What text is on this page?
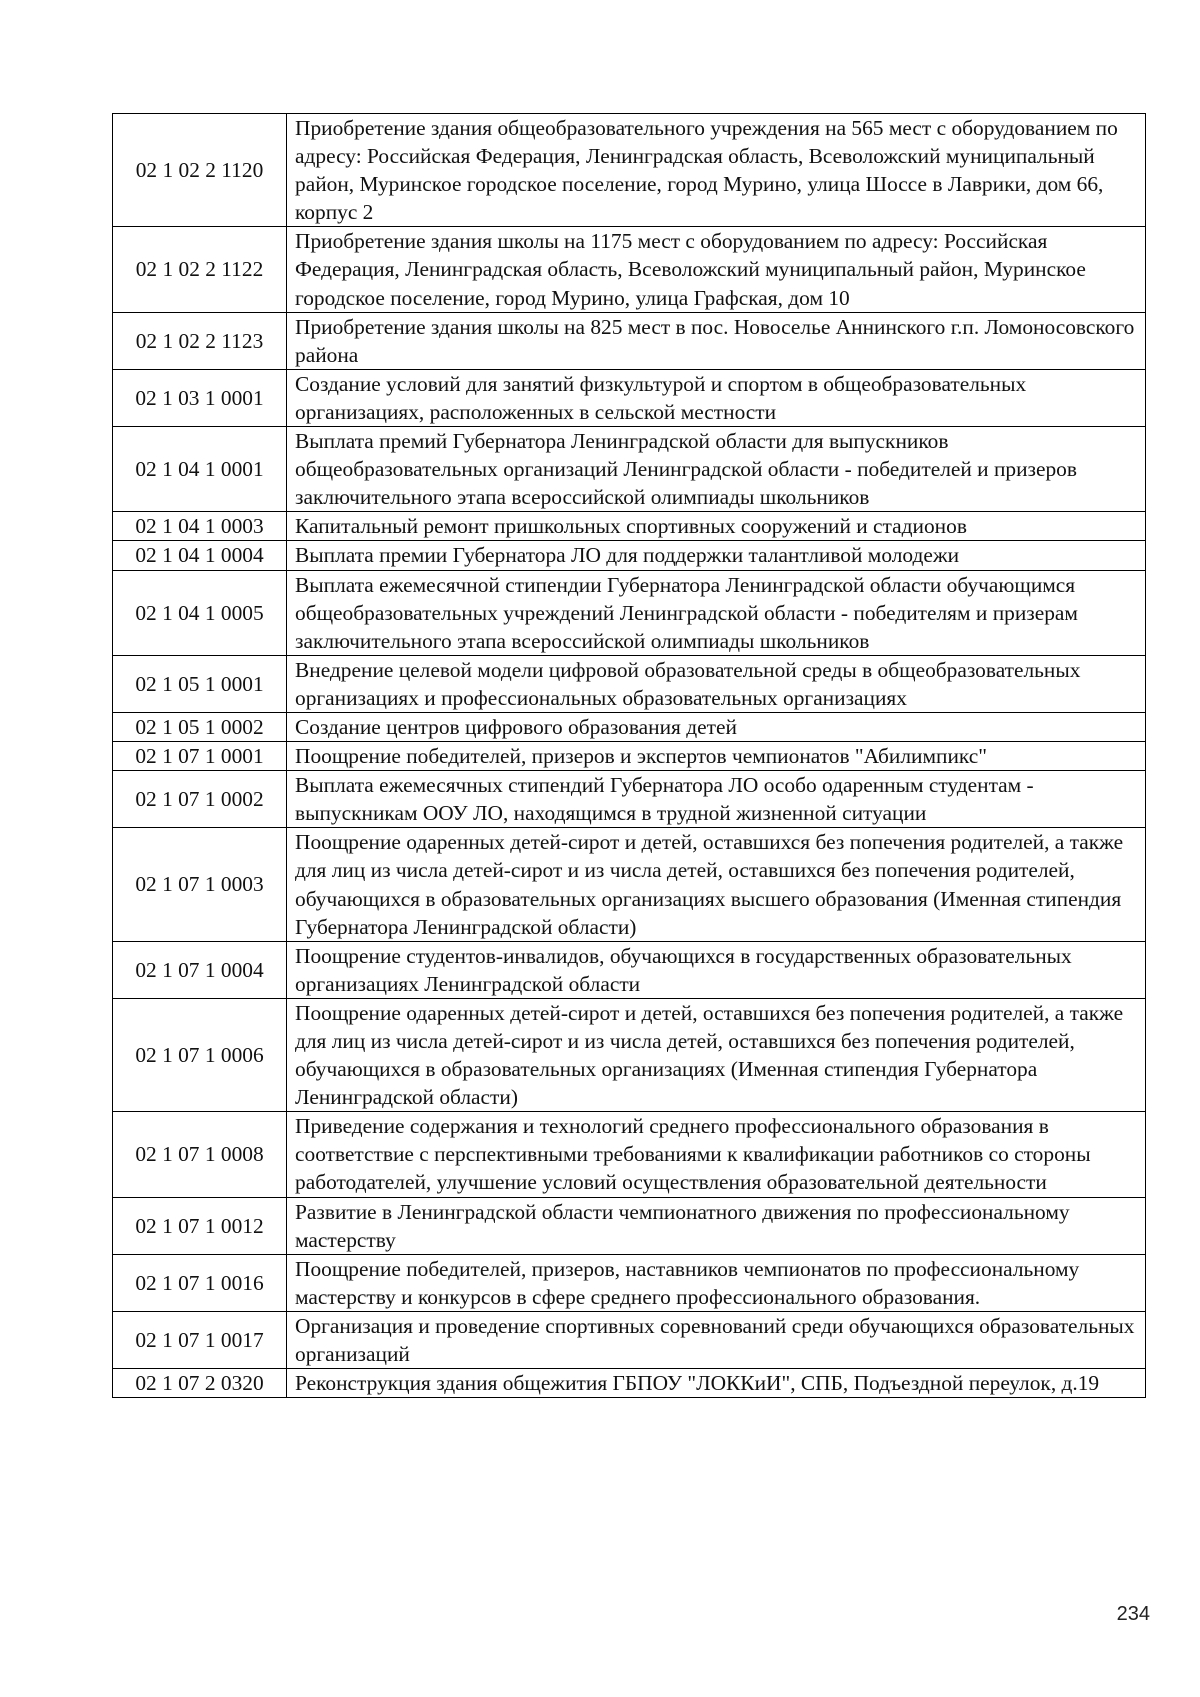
02 1 02 2 1120	Приобретение здания общеобразовательного учреждения на 565 мест с оборудованием по адресу: Российская Федерация, Ленинградская область, Всеволожский муниципальный район, Муринское городское поселение, город Мурино, улица Шоссе в Лаврики, дом 66, корпус 2
02 1 02 2 1122	Приобретение здания школы на 1175 мест с оборудованием по адресу: Российская Федерация, Ленинградская область, Всеволожский муниципальный район, Муринское городское поселение, город Мурино, улица Графская, дом 10
02 1 02 2 1123	Приобретение здания школы на 825 мест в пос. Новоселье Аннинского г.п. Ломоносовского района
02 1 03 1 0001	Создание условий для занятий физкультурой и спортом в общеобразовательных организациях, расположенных в сельской местности
02 1 04 1 0001	Выплата премий Губернатора Ленинградской области для выпускников общеобразовательных организаций Ленинградской области - победителей и призеров заключительного этапа всероссийской олимпиады школьников
02 1 04 1 0003	Капитальный ремонт пришкольных спортивных сооружений и стадионов
02 1 04 1 0004	Выплата премии Губернатора ЛО для поддержки талантливой молодежи
02 1 04 1 0005	Выплата ежемесячной стипендии Губернатора Ленинградской области обучающимся общеобразовательных учреждений Ленинградской области - победителям и призерам заключительного этапа всероссийской олимпиады школьников
02 1 05 1 0001	Внедрение целевой модели цифровой образовательной среды в общеобразовательных организациях и профессиональных образовательных организациях
02 1 05 1 0002	Создание центров цифрового образования детей
02 1 07 1 0001	Поощрение победителей, призеров и экспертов чемпионатов "Абилимпикс"
02 1 07 1 0002	Выплата ежемесячных стипендий Губернатора ЛО особо одаренным студентам - выпускникам ООУ ЛО, находящимся в трудной жизненной ситуации
02 1 07 1 0003	Поощрение одаренных детей-сирот и детей, оставшихся без попечения родителей, а также для лиц из числа детей-сирот и из числа детей, оставшихся без попечения родителей, обучающихся в образовательных организациях высшего образования (Именная стипендия Губернатора Ленинградской области)
02 1 07 1 0004	Поощрение студентов-инвалидов, обучающихся в государственных образовательных организациях Ленинградской области
02 1 07 1 0006	Поощрение одаренных детей-сирот и детей, оставшихся без попечения родителей, а также для лиц из числа детей-сирот и из числа детей, оставшихся без попечения родителей, обучающихся в образовательных организациях (Именная стипендия Губернатора Ленинградской области)
02 1 07 1 0008	Приведение содержания и технологий среднего профессионального образования в соответствие с перспективными требованиями к квалификации работников со стороны работодателей, улучшение условий осуществления образовательной деятельности
02 1 07 1 0012	Развитие в Ленинградской области чемпионатного движения по профессиональному мастерству
02 1 07 1 0016	Поощрение победителей, призеров, наставников чемпионатов по профессиональному мастерству и конкурсов в сфере среднего профессионального образования.
02 1 07 1 0017	Организация и проведение спортивных соревнований среди обучающихся образовательных организаций
02 1 07 2 0320	Реконструкция здания общежития ГБПОУ "ЛОККиИ", СПБ, Подъездной переулок, д.19
234
